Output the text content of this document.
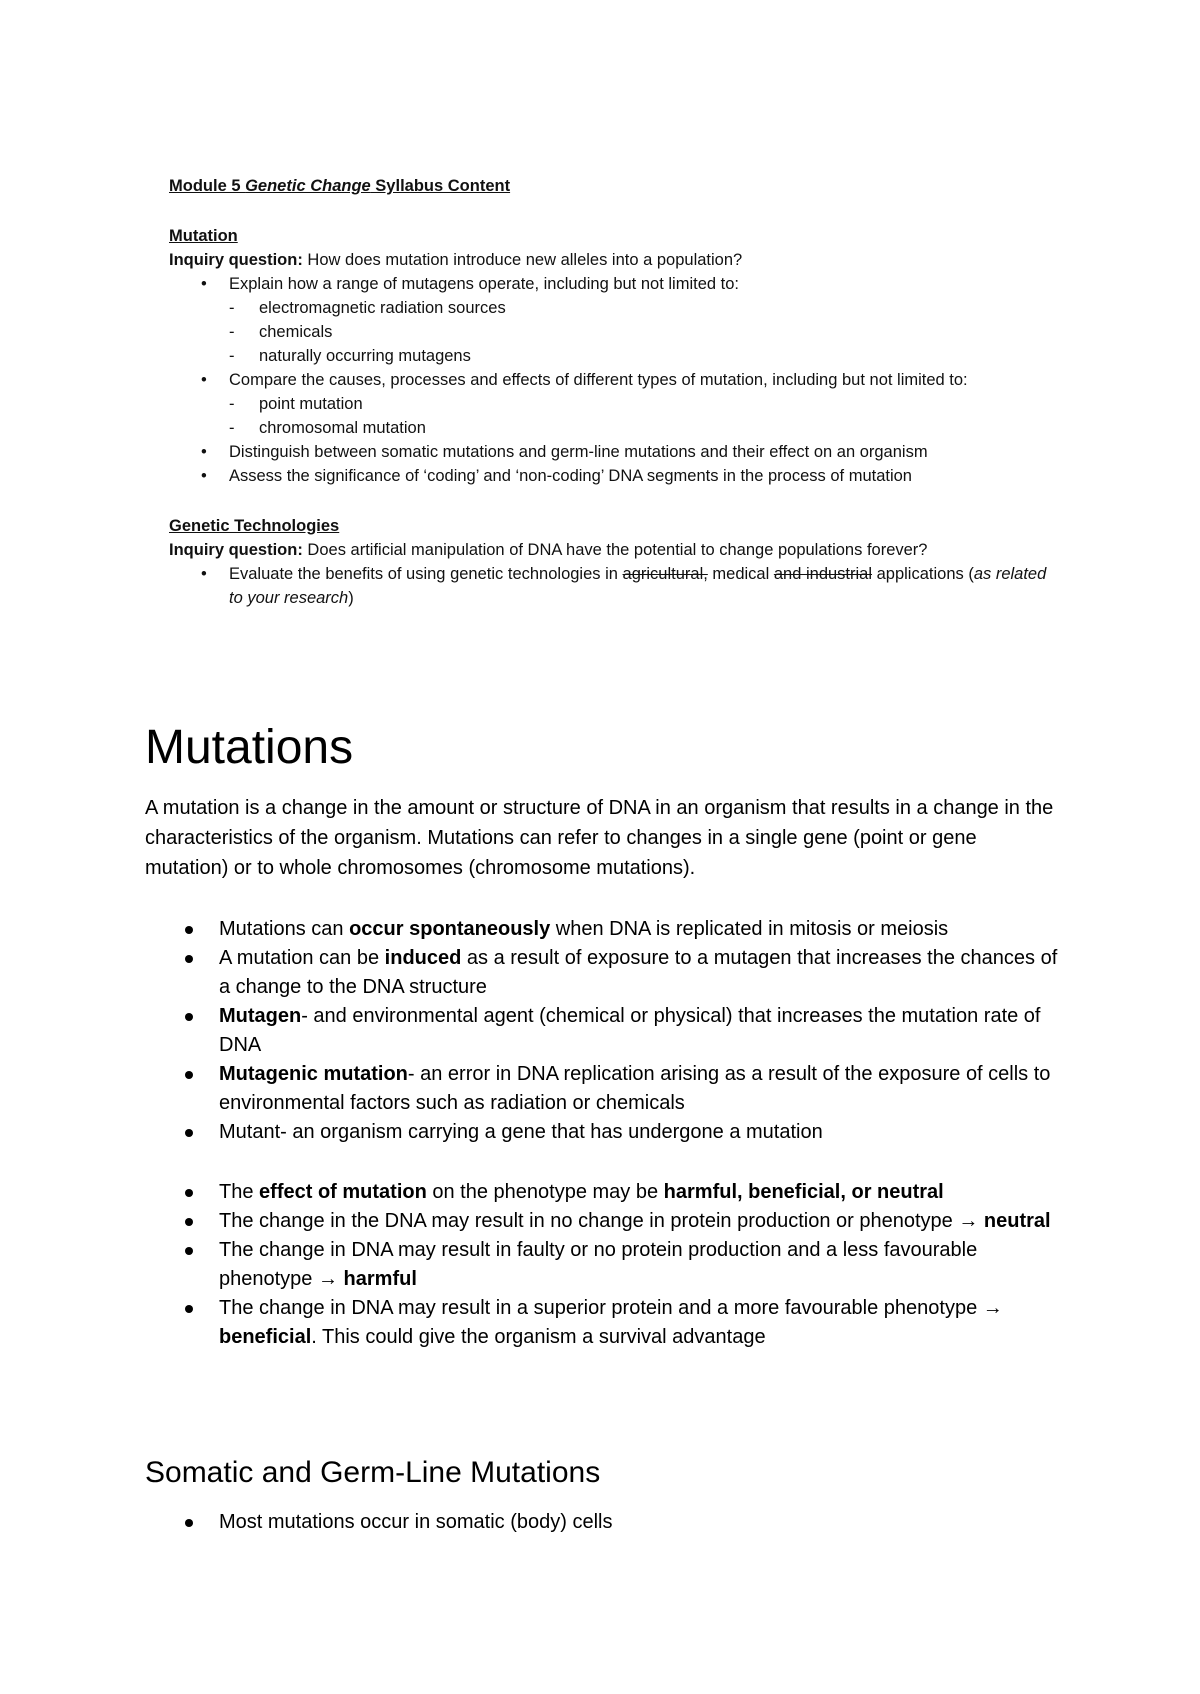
Module 5 Genetic Change Syllabus Content
Mutation
Inquiry question: How does mutation introduce new alleles into a population?
• Explain how a range of mutagens operate, including but not limited to:
- electromagnetic radiation sources
- chemicals
- naturally occurring mutagens
• Compare the causes, processes and effects of different types of mutation, including but not limited to:
- point mutation
- chromosomal mutation
• Distinguish between somatic mutations and germ-line mutations and their effect on an organism
• Assess the significance of ‘coding’ and ‘non-coding’ DNA segments in the process of mutation
Genetic Technologies
Inquiry question: Does artificial manipulation of DNA have the potential to change populations forever?
• Evaluate the benefits of using genetic technologies in agricultural, medical and industrial applications (as related to your research)
Mutations

A mutation is a change in the amount or structure of DNA in an organism that results in a change in the characteristics of the organism. Mutations can refer to changes in a single gene (point or gene mutation) or to whole chromosomes (chromosome mutations).

Mutations can occur spontaneously when DNA is replicated in mitosis or meiosis
A mutation can be induced as a result of exposure to a mutagen that increases the chances of a change to the DNA structure
Mutagen- and environmental agent (chemical or physical) that increases the mutation rate of DNA
Mutagenic mutation- an error in DNA replication arising as a result of the exposure of cells to environmental factors such as radiation or chemicals
Mutant- an organism carrying a gene that has undergone a mutation
The effect of mutation on the phenotype may be harmful, beneficial, or neutral
The change in the DNA may result in no change in protein production or phenotype → neutral
The change in DNA may result in faulty or no protein production and a less favourable phenotype → harmful
The change in DNA may result in a superior protein and a more favourable phenotype → beneficial. This could give the organism a survival advantage
Somatic and Germ-Line Mutations
Most mutations occur in somatic (body) cells
